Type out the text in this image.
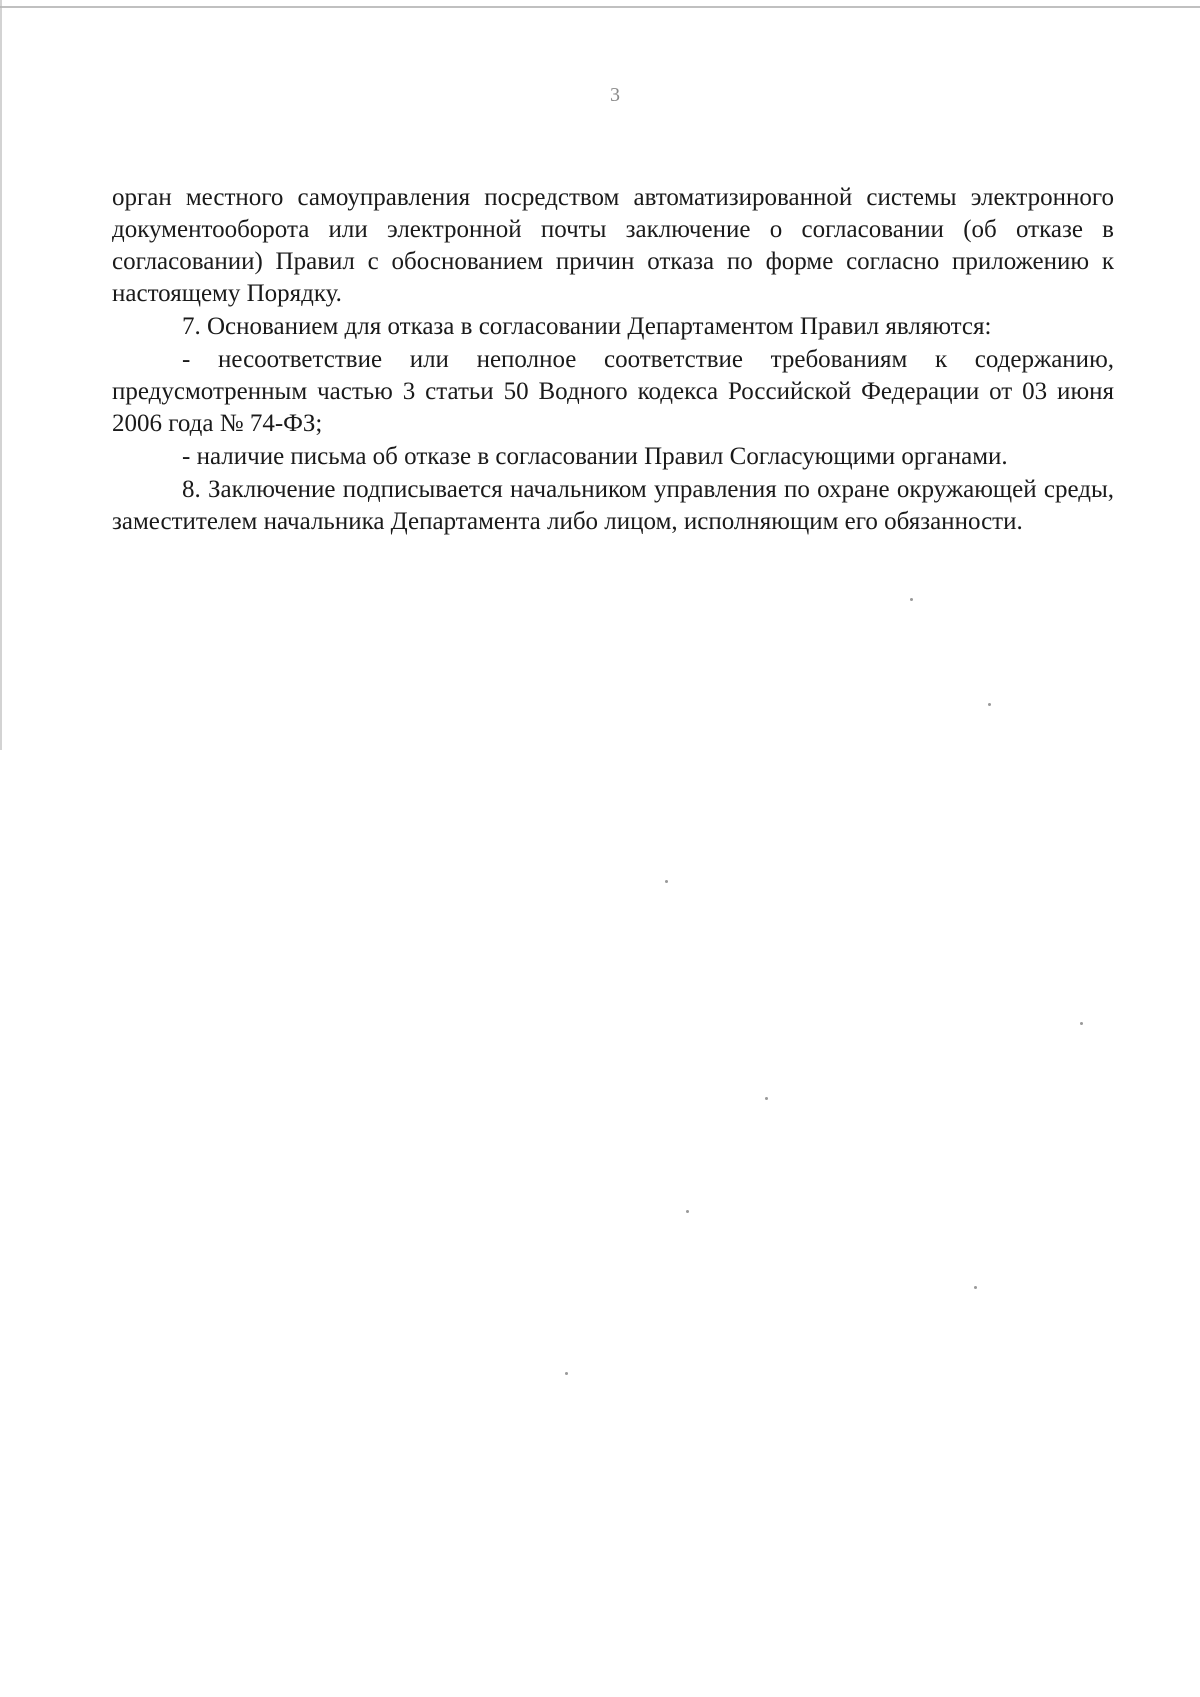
3

орган местного самоуправления посредством автоматизированной системы электронного документооборота или электронной почты заключение о согласовании (об отказе в согласовании) Правил с обоснованием причин отказа по форме согласно приложению к настоящему Порядку.

7. Основанием для отказа в согласовании Департаментом Правил являются:

- несоответствие или неполное соответствие требованиям к содержанию, предусмотренным частью 3 статьи 50 Водного кодекса Российской Федерации от 03 июня 2006 года № 74-ФЗ;

- наличие письма об отказе в согласовании Правил Согласующими органами.

8. Заключение подписывается начальником управления по охране окружающей среды, заместителем начальника Департамента либо лицом, исполняющим его обязанности.
